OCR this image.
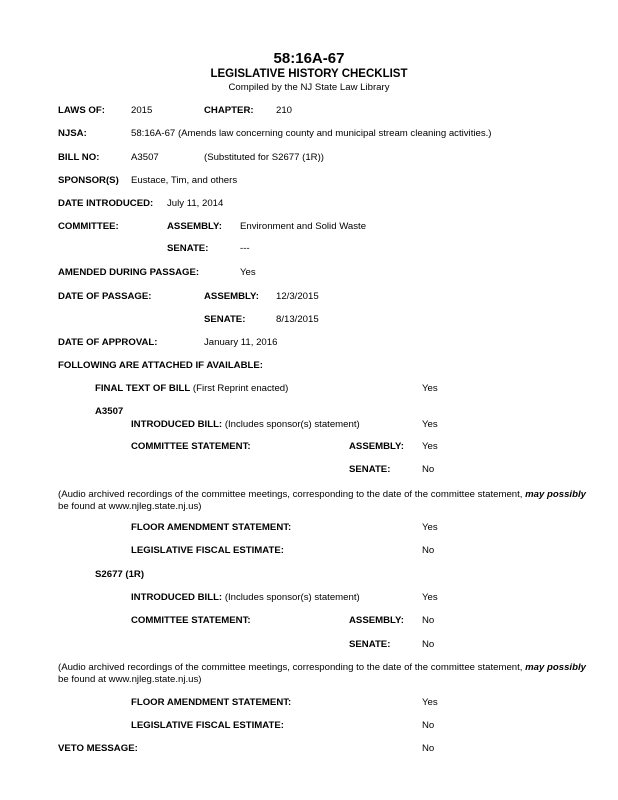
58:16A-67
LEGISLATIVE HISTORY CHECKLIST
Compiled by the NJ State Law Library
LAWS OF:	2015	CHAPTER: 210
NJSA:	58:16A-67 (Amends law concerning county and municipal stream cleaning activities.)
BILL NO:	A3507	(Substituted for S2677 (1R))
SPONSOR(S) Eustace, Tim, and others
DATE INTRODUCED: July 11, 2014
COMMITTEE:	ASSEMBLY: Environment and Solid Waste
SENATE:	---
AMENDED DURING PASSAGE:	Yes
DATE OF PASSAGE:	ASSEMBLY: 12/3/2015
SENATE:	8/13/2015
DATE OF APPROVAL:	January 11, 2016
FOLLOWING ARE ATTACHED IF AVAILABLE:
FINAL TEXT OF BILL (First Reprint enacted)	Yes
A3507
INTRODUCED BILL: (Includes sponsor(s) statement)	Yes
COMMITTEE STATEMENT:	ASSEMBLY: Yes
SENATE:	No
(Audio archived recordings of the committee meetings, corresponding to the date of the committee statement, may possibly
be found at www.njleg.state.nj.us)
FLOOR AMENDMENT STATEMENT:	Yes
LEGISLATIVE FISCAL ESTIMATE:	No
S2677 (1R)
INTRODUCED BILL: (Includes sponsor(s) statement)	Yes
COMMITTEE STATEMENT:	ASSEMBLY: No
SENATE:	No
(Audio archived recordings of the committee meetings, corresponding to the date of the committee statement, may possibly
be found at www.njleg.state.nj.us)
FLOOR AMENDMENT STATEMENT:	Yes
LEGISLATIVE FISCAL ESTIMATE:	No
VETO MESSAGE:	No
